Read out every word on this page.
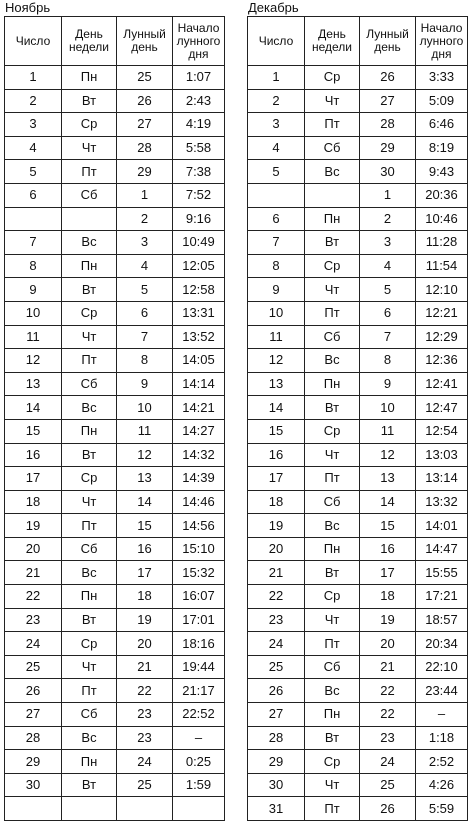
Ноябрь
Число	День недели	Лунный день	Начало лунного дня
1	Пн	25	1:07
2	Вт	26	2:43
3	Ср	27	4:19
4	Чт	28	5:58
5	Пт	29	7:38
6	Сб	1	7:52
		2	9:16
7	Вс	3	10:49
8	Пн	4	12:05
9	Вт	5	12:58
10	Ср	6	13:31
11	Чт	7	13:52
12	Пт	8	14:05
13	Сб	9	14:14
14	Вс	10	14:21
15	Пн	11	14:27
16	Вт	12	14:32
17	Ср	13	14:39
18	Чт	14	14:46
19	Пт	15	14:56
20	Сб	16	15:10
21	Вс	17	15:32
22	Пн	18	16:07
23	Вт	19	17:01
24	Ср	20	18:16
25	Чт	21	19:44
26	Пт	22	21:17
27	Сб	23	22:52
28	Вс	23	–
29	Пн	24	0:25
30	Вт	25	1:59

Декабрь
Число	День недели	Лунный день	Начало лунного дня
1	Ср	26	3:33
2	Чт	27	5:09
3	Пт	28	6:46
4	Сб	29	8:19
5	Вс	30	9:43
		1	20:36
6	Пн	2	10:46
7	Вт	3	11:28
8	Ср	4	11:54
9	Чт	5	12:10
10	Пт	6	12:21
11	Сб	7	12:29
12	Вс	8	12:36
13	Пн	9	12:41
14	Вт	10	12:47
15	Ср	11	12:54
16	Чт	12	13:03
17	Пт	13	13:14
18	Сб	14	13:32
19	Вс	15	14:01
20	Пн	16	14:47
21	Вт	17	15:55
22	Ср	18	17:21
23	Чт	19	18:57
24	Пт	20	20:34
25	Сб	21	22:10
26	Вс	22	23:44
27	Пн	22	–
28	Вт	23	1:18
29	Ср	24	2:52
30	Чт	25	4:26
31	Пт	26	5:59
